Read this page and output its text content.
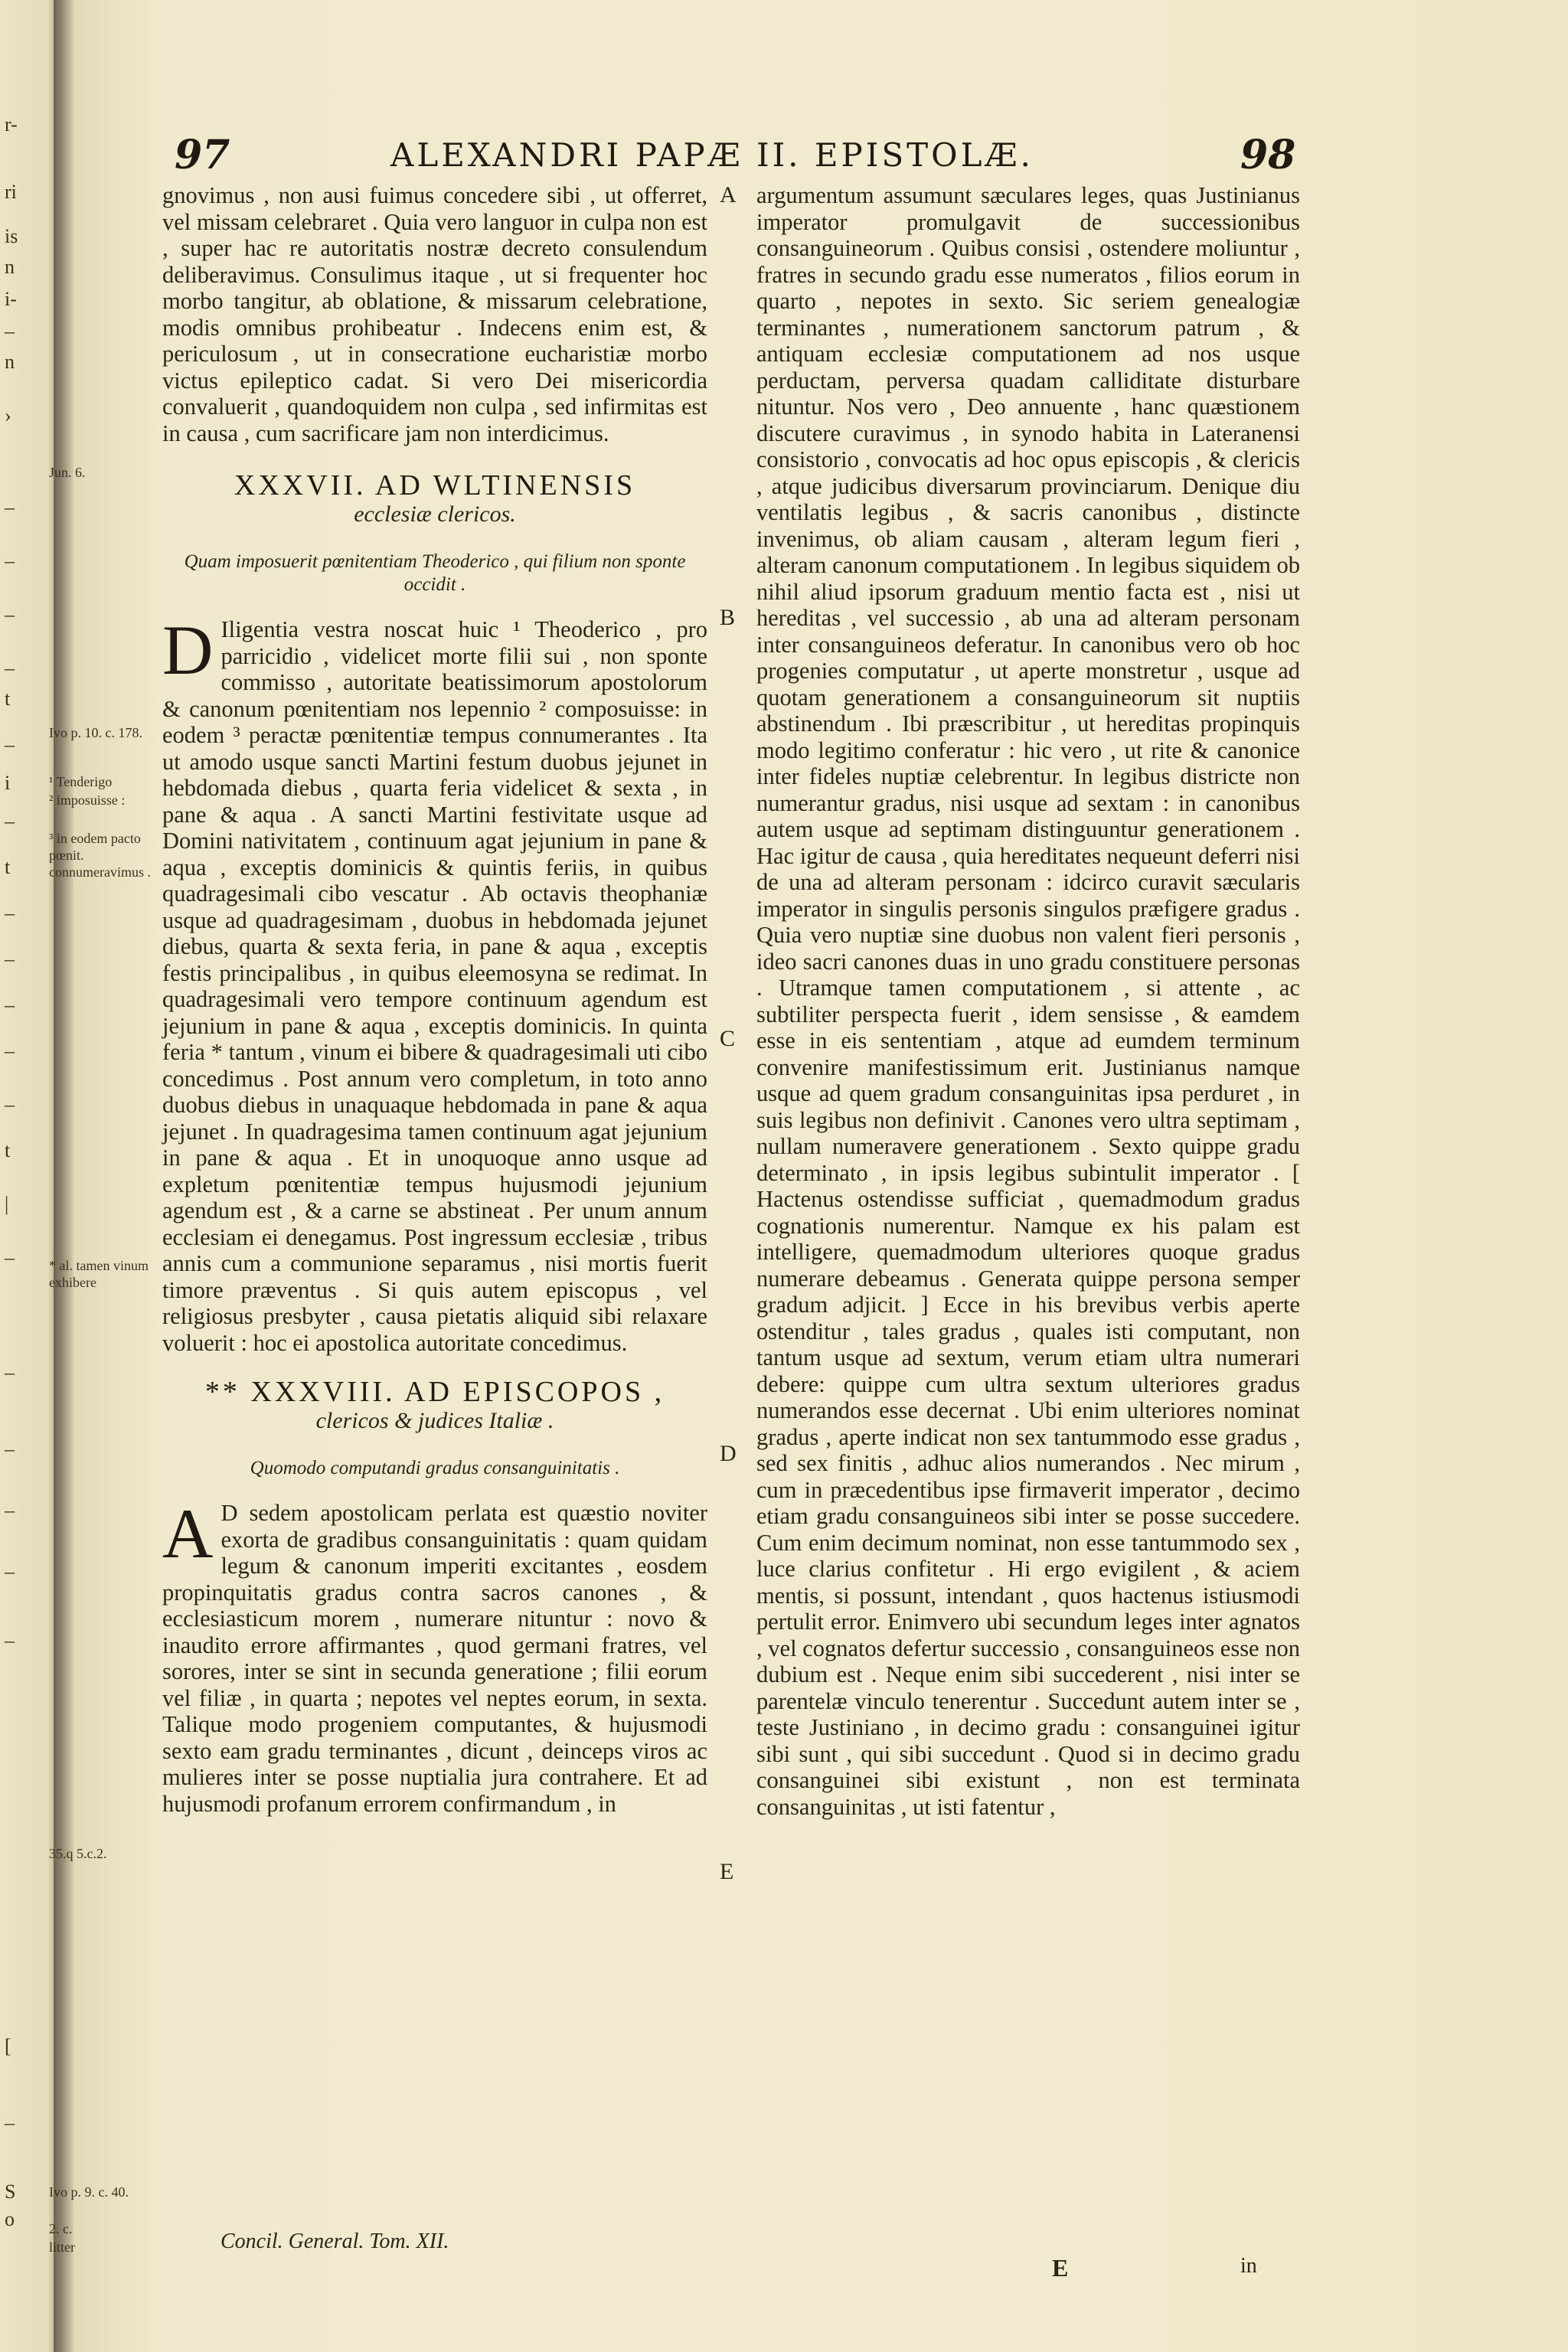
r-
ri
is
n
i-
–
n
›
–
–
–
–
t
–
i
–
t
–
–
–
–
–
t
|
–
–
–
–
–
–
[
–
S
o
97	ALEXANDRI PAPÆ II. EPISTOLÆ.	98

gnovimus , non ausi fuimus concedere sibi , ut offerret, vel missam celebraret . Quia vero languor in culpa non est , super hac re autoritatis nostræ decreto consulendum deliberavimus. Consulimus itaque , ut si frequenter hoc morbo tangitur, ab oblatione, & missarum celebratione, modis omnibus prohibeatur . Indecens enim est, & periculosum , ut in consecratione eucharistiæ morbo victus epileptico cadat. Si vero Dei misericordia convaluerit , quandoquidem non culpa , sed infirmitas est in causa , cum sacrificare jam non interdicimus.

XXXVII. AD WLTINENSIS
ecclesiæ clericos.
Quam imposuerit pœnitentiam Theoderico , qui filium non sponte occidit .

D Iligentia vestra noscat huic ¹ Theoderico , pro parricidio , videlicet morte filii sui , non sponte commisso , autoritate beatissimorum apostolorum & canonum pœnitentiam nos lepennio ² composuisse: in eodem ³ peractæ pœnitentiæ tempus connumerantes . Ita ut amodo usque sancti Martini festum duobus jejunet in hebdomada diebus , quarta feria videlicet & sexta , in pane & aqua . A sancti Martini festivitate usque ad Domini nativitatem , continuum agat jejunium in pane & aqua , exceptis dominicis & quintis feriis, in quibus quadragesimali cibo vescatur . Ab octavis theophaniæ usque ad quadragesimam , duobus in hebdomada jejunet diebus, quarta & sexta feria, in pane & aqua , exceptis festis principalibus , in quibus eleemosyna se redimat. In quadragesimali vero tempore continuum agendum est jejunium in pane & aqua , exceptis dominicis. In quinta feria * tantum , vinum ei bibere & quadragesimali uti cibo concedimus . Post annum vero completum, in toto anno duobus diebus in unaquaque hebdomada in pane & aqua jejunet . In quadragesima tamen continuum agat jejunium in pane & aqua . Et in unoquoque anno usque ad expletum pœnitentiæ tempus hujusmodi jejunium agendum est , & a carne se abstineat . Per unum annum ecclesiam ei denegamus. Post ingressum ecclesiæ , tribus annis cum a communione separamus , nisi mortis fuerit timore præventus . Si quis autem episcopus , vel religiosus presbyter , causa pietatis aliquid sibi relaxare voluerit : hoc ei apostolica autoritate concedimus.

** XXXVIII. AD EPISCOPOS ,
clericos & judices Italiæ .
Quomodo computandi gradus consanguinitatis .

A D sedem apostolicam perlata est quæstio noviter exorta de gradibus consanguinitatis : quam quidam legum & canonum imperiti excitantes , eosdem propinquitatis gradus contra sacros canones , & ecclesiasticum morem , numerare nituntur : novo & inaudito errore affirmantes , quod germani fratres, vel sorores, inter se sint in secunda generatione ; filii eorum vel filiæ , in quarta ; nepotes vel neptes eorum, in sexta. Talique modo progeniem computantes, & hujusmodi sexto eam gradu terminantes , dicunt , deinceps viros ac mulieres inter se posse nuptialia jura contrahere. Et ad hujusmodi profanum errorem confirmandum , in

argumentum assumunt sæculares leges, quas Justinianus imperator promulgavit de successionibus consanguineorum . Quibus consisi , ostendere moliuntur , fratres in secundo gradu esse numeratos , filios eorum in quarto , nepotes in sexto. Sic seriem genealogiæ terminantes , numerationem sanctorum patrum , & antiquam ecclesiæ computationem ad nos usque perductam, perversa quadam calliditate disturbare nituntur. Nos vero , Deo annuente , hanc quæstionem discutere curavimus , in synodo habita in Lateranensi consistorio , convocatis ad hoc opus episcopis , & clericis , atque judicibus diversarum provinciarum. Denique diu ventilatis legibus , & sacris canonibus , distincte invenimus, ob aliam causam , alteram legum fieri , alteram canonum computationem . In legibus siquidem ob nihil aliud ipsorum graduum mentio facta est , nisi ut hereditas , vel successio , ab una ad alteram personam inter consanguineos deferatur. In canonibus vero ob hoc progenies computatur , ut aperte monstretur , usque ad quotam generationem a consanguineorum sit nuptiis abstinendum . Ibi præscribitur , ut hereditas propinquis modo legitimo conferatur : hic vero , ut rite & canonice inter fideles nuptiæ celebrentur. In legibus districte non numerantur gradus, nisi usque ad sextam : in canonibus autem usque ad septimam distinguuntur generationem . Hac igitur de causa , quia hereditates nequeunt deferri nisi de una ad alteram personam : idcirco curavit sæcularis imperator in singulis personis singulos præfigere gradus . Quia vero nuptiæ sine duobus non valent fieri personis , ideo sacri canones duas in uno gradu constituere personas . Utramque tamen computationem , si attente , ac subtiliter perspecta fuerit , idem sensisse , & eamdem esse in eis sententiam , atque ad eumdem terminum convenire manifestissimum erit. Justinianus namque usque ad quem gradum consanguinitas ipsa perduret , in suis legibus non definivit . Canones vero ultra septimam , nullam numeravere generationem . Sexto quippe gradu determinato , in ipsis legibus subintulit imperator . [ Hactenus ostendisse sufficiat , quemadmodum gradus cognationis numerentur. Namque ex his palam est intelligere, quemadmodum ulteriores quoque gradus numerare debeamus . Generata quippe persona semper gradum adjicit. ] Ecce in his brevibus verbis aperte ostenditur , tales gradus , quales isti computant, non tantum usque ad sextum, verum etiam ultra numerari debere: quippe cum ultra sextum ulteriores gradus numerandos esse decernat . Ubi enim ulteriores nominat gradus , aperte indicat non sex tantummodo esse gradus , sed sex finitis , adhuc alios numerandos . Nec mirum , cum in præcedentibus ipse firmaverit imperator , decimo etiam gradu consanguineos sibi inter se posse succedere. Cum enim decimum nominat, non esse tantummodo sex , luce clarius confitetur . Hi ergo evigilent , & aciem mentis, si possunt, intendant , quos hactenus istiusmodi pertulit error. Enimvero ubi secundum leges inter agnatos , vel cognatos defertur successio , consanguineos esse non dubium est . Neque enim sibi succederent , nisi inter se parentelæ vinculo tenerentur . Succedunt autem inter se , teste Justiniano , in decimo gradu : consanguinei igitur sibi sunt , qui sibi succedunt . Quod si in decimo gradu consanguinei sibi existunt , non est terminata consanguinitas , ut isti fatentur ,

A
B
C
D
E
Jun. 6.
Ivo p. 10. c. 178.
¹ Tenderigo
² imposuisse :
³ in eodem pacto pœnit. connumeravimus .
* al. tamen vinum exhibere
35.q 5.c.2.
Ivo p. 9. c. 40.
2. c.
litter	Concil. General. Tom. XII.
E	in
